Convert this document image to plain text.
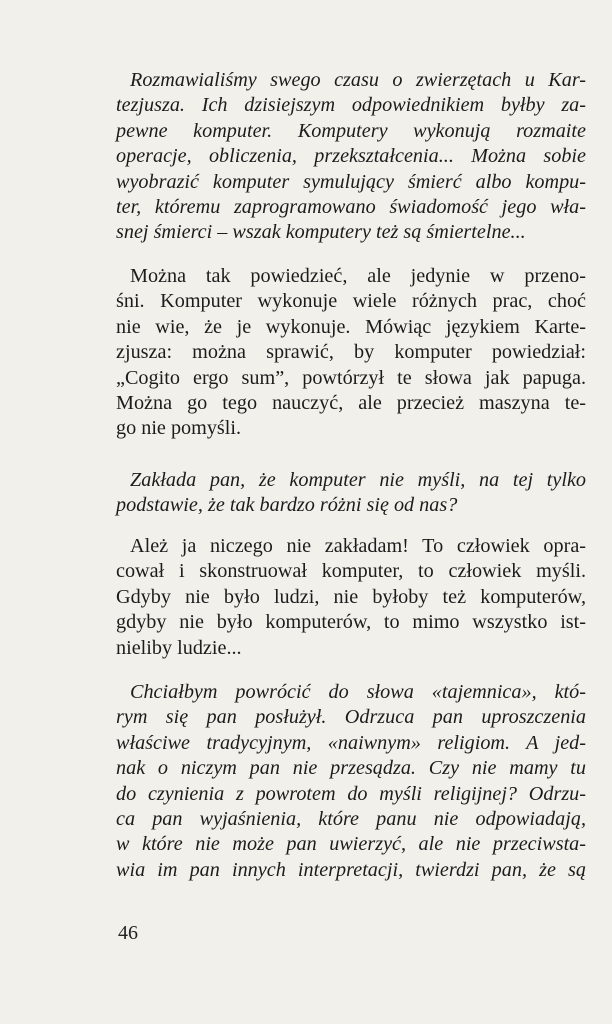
Rozmawialiśmy swego czasu o zwierzętach u Kar-
tezjusza. Ich dzisiejszym odpowiednikiem byłby za-
pewne komputer. Komputery wykonują rozmaite
operacje, obliczenia, przekształcenia... Można sobie
wyobrazić komputer symulujący śmierć albo kompu-
ter, któremu zaprogramowano świadomość jego wła-
snej śmierci – wszak komputery też są śmiertelne...
Można tak powiedzieć, ale jedynie w przeno-
śni. Komputer wykonuje wiele różnych prac, choć
nie wie, że je wykonuje. Mówiąc językiem Karte-
zjusza: można sprawić, by komputer powiedział:
„Cogito ergo sum”, powtórzył te słowa jak papuga.
Można go tego nauczyć, ale przecież maszyna te-
go nie pomyśli.
Zakłada pan, że komputer nie myśli, na tej tylko
podstawie, że tak bardzo różni się od nas?
Ależ ja niczego nie zakładam! To człowiek opra-
cował i skonstruował komputer, to człowiek myśli.
Gdyby nie było ludzi, nie byłoby też komputerów,
gdyby nie było komputerów, to mimo wszystko ist-
nieliby ludzie...
Chciałbym powrócić do słowa «tajemnica», któ-
rym się pan posłużył. Odrzuca pan uproszczenia
właściwe tradycyjnym, «naiwnym» religiom. A jed-
nak o niczym pan nie przesądza. Czy nie mamy tu
do czynienia z powrotem do myśli religijnej? Odrzu-
ca pan wyjaśnienia, które panu nie odpowiadają,
w które nie może pan uwierzyć, ale nie przeciwsta-
wia im pan innych interpretacji, twierdzi pan, że są
46
